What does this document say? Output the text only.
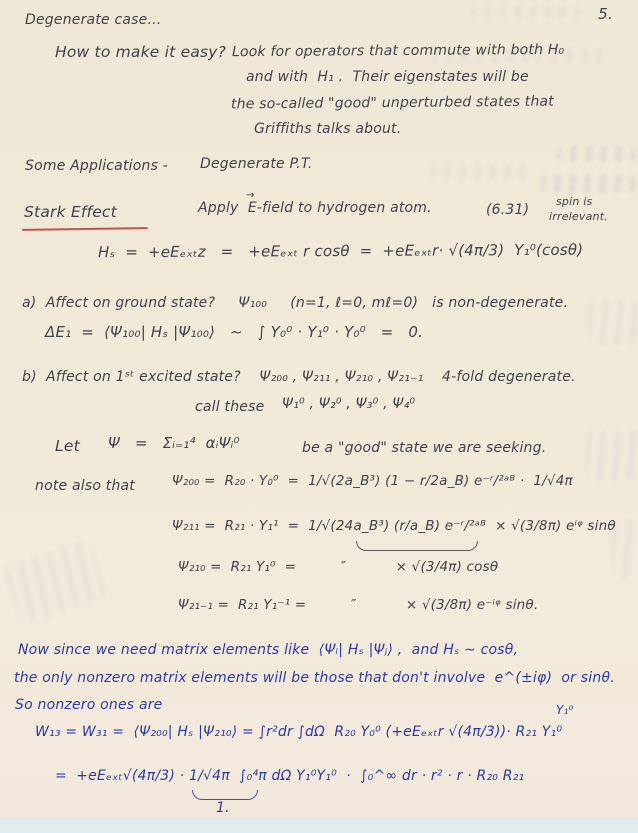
Degenerate case...	5.
How to make it easy? Look for operators that commute with both H₀
and with  H₁ .  Their eigenstates will be
the so-called "good" unperturbed states that
Griffiths talks about.
Some Applications - Degenerate P.T.
Stark Effect
→
Apply  E-field to hydrogen atom.	(6.31)
spin is
irrelevant.
Hₛ  =  +eEₑₓₜz   =   +eEₑₓₜ r cosθ  =  +eEₑₓₜr· √(4π/3)  Y₁⁰(cosθ)
a)  Affect on ground state?     Ψ₁₀₀     (n=1, ℓ=0, mℓ=0)   is non-degenerate.
ΔE₁  =  ⟨Ψ₁₀₀| Hₛ |Ψ₁₀₀⟩   ∼   ∫ Y₀⁰ · Y₁⁰ · Y₀⁰   =   0.
b)  Affect on 1ˢᵗ excited state?    Ψ₂₀₀ , Ψ₂₁₁ , Ψ₂₁₀ , Ψ₂₁₋₁    4-fold degenerate.
call these Ψ₁⁰ , Ψ₂⁰ , Ψ₃⁰ , Ψ₄⁰
Let Ψ   =   Σᵢ₌₁⁴  αᵢΨᵢ⁰	be a "good" state we are seeking.
note also that	Ψ₂₀₀ =  R₂₀ · Y₀⁰  =  1/√(2a_B³) (1 − r/2a_B) e⁻ʳ/²ᵃᴮ ·  1/√4π
Ψ₂₁₁ =  R₂₁ · Y₁¹  =  1/√(24a_B³) (r/a_B) e⁻ʳ/²ᵃᴮ  × √(3/8π) eⁱᵠ sinθ
Ψ₂₁₀ =  R₂₁ Y₁⁰  =          ″           × √(3/4π) cosθ
Ψ₂₁₋₁ =  R₂₁ Y₁⁻¹ =          ″           × √(3/8π) e⁻ⁱᵠ sinθ.
Now since we need matrix elements like  ⟨Ψᵢ| Hₛ |Ψⱼ⟩ ,  and Hₛ ∼ cosθ,
the only nonzero matrix elements will be those that don't involve  e^(±iφ)  or sinθ.
So nonzero ones are	Y₁⁰
W₁₃ = W₃₁ =  ⟨Ψ₂₀₀| Hₛ |Ψ₂₁₀⟩ = ∫r²dr ∫dΩ  R₂₀ Y₀⁰ (+eEₑₓₜr √(4π/3))· R₂₁ Y₁⁰
=  +eEₑₓₜ√(4π/3) · 1/√4π  ∫₀⁴π dΩ Y₁⁰Y₁⁰  ·  ∫₀^∞ dr · r² · r · R₂₀ R₂₁
1.
